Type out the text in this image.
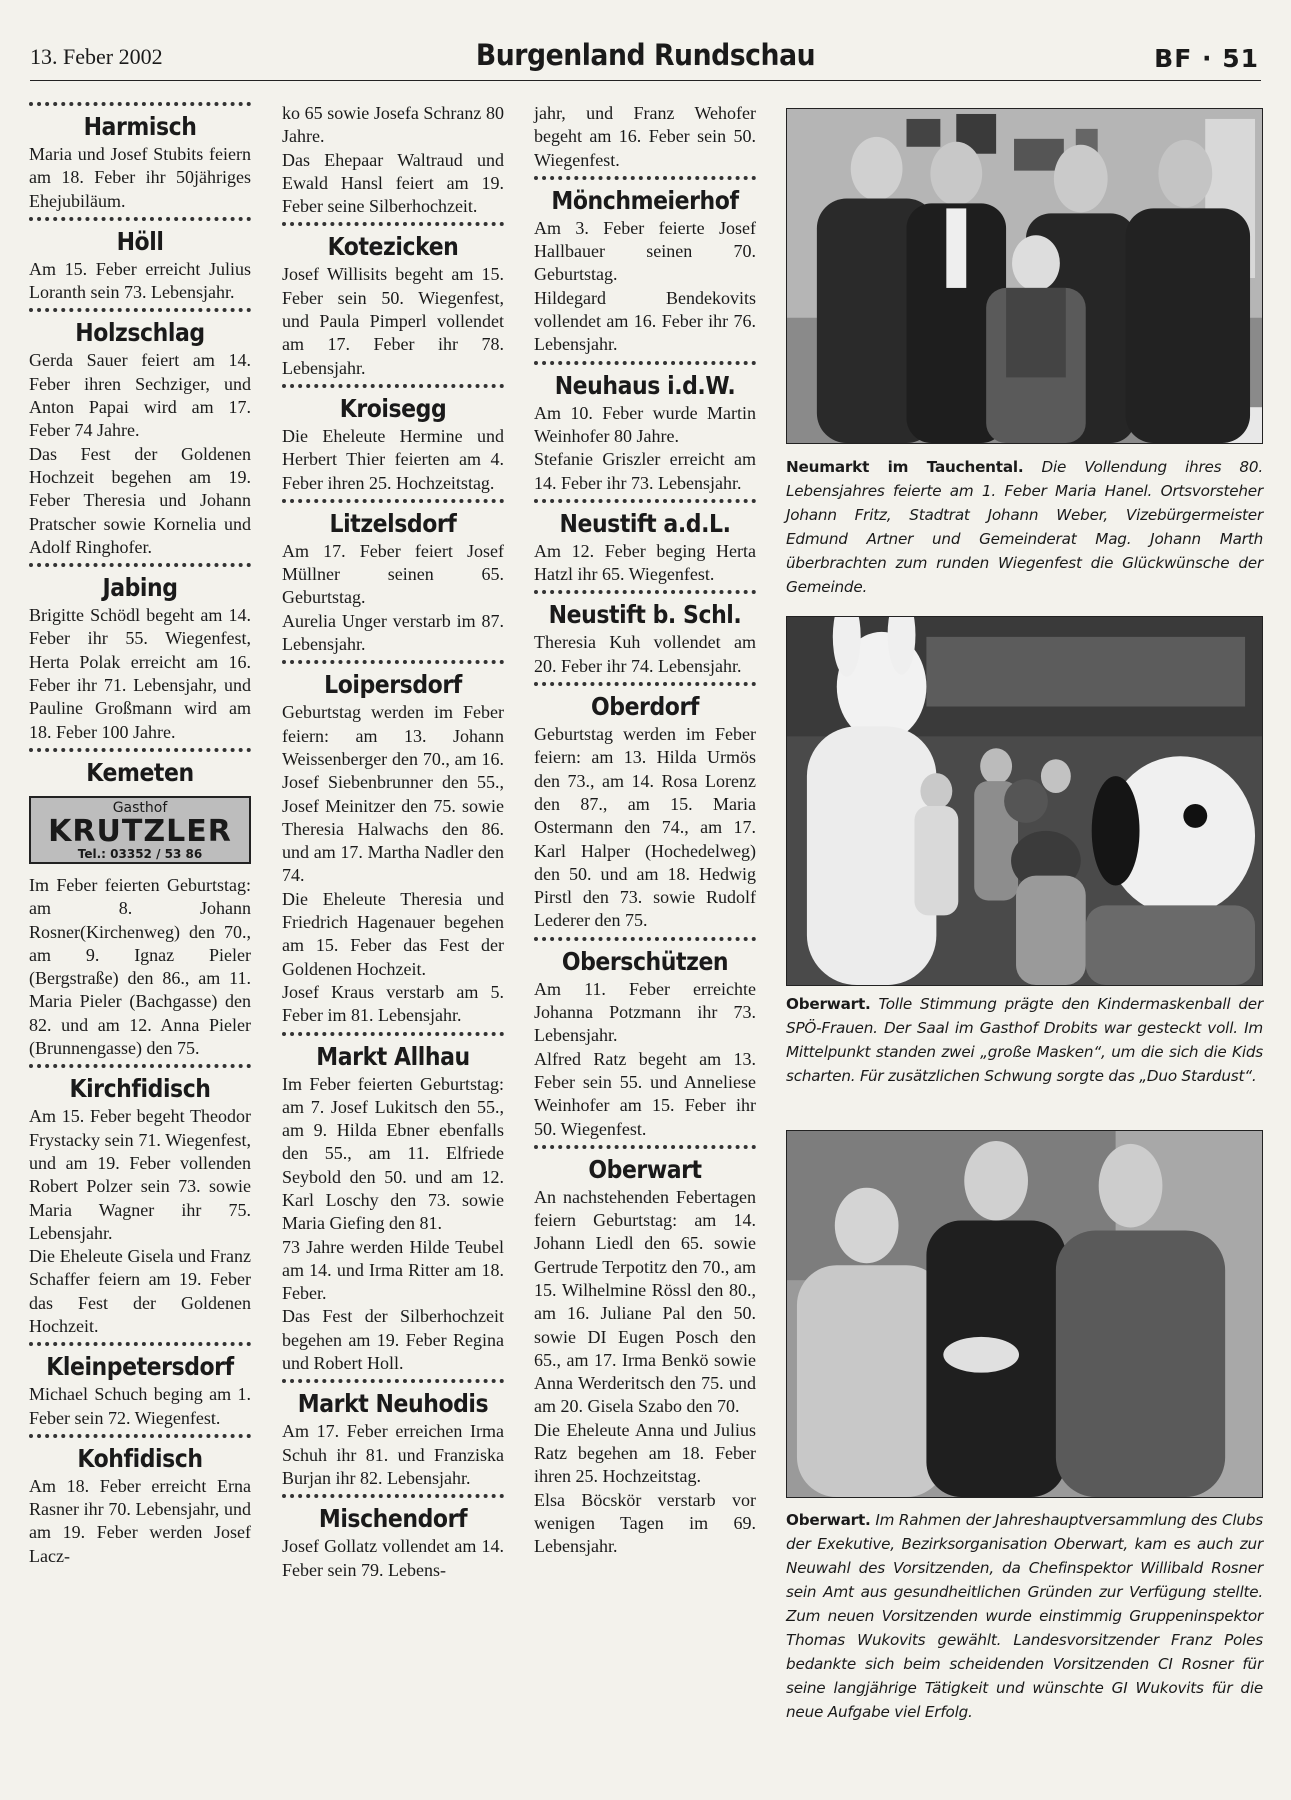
13. Feber 2002	Burgenland Rundschau	BF · 51
Harmisch

Maria und Josef Stubits feiern am 18. Feber ihr 50jähriges Ehejubiläum.

Höll

Am 15. Feber erreicht Julius Loranth sein 73. Lebensjahr.

Holzschlag

Gerda Sauer feiert am 14. Feber ihren Sechziger, und Anton Papai wird am 17. Feber 74 Jahre.

Das Fest der Goldenen Hochzeit begehen am 19. Feber Theresia und Johann Pratscher sowie Kornelia und Adolf Ringhofer.

Jabing

Brigitte Schödl begeht am 14. Feber ihr 55. Wiegenfest, Herta Polak erreicht am 16. Feber ihr 71. Lebensjahr, und Pauline Großmann wird am 18. Feber 100 Jahre.

Kemeten
Gasthof
KRUTZLER
Tel.: 03352 / 53 86

Im Feber feierten Geburtstag: am 8. Johann Rosner(Kirchenweg) den 70., am 9. Ignaz Pieler (Bergstraße) den 86., am 11. Maria Pieler (Bachgasse) den 82. und am 12. Anna Pieler (Brunnengasse) den 75.

Kirchfidisch

Am 15. Feber begeht Theodor Frystacky sein 71. Wiegenfest, und am 19. Feber vollenden Robert Polzer sein 73. sowie Maria Wagner ihr 75. Lebensjahr.

Die Eheleute Gisela und Franz Schaffer feiern am 19. Feber das Fest der Goldenen Hochzeit.

Kleinpetersdorf

Michael Schuch beging am 1. Feber sein 72. Wiegenfest.

Kohfidisch

Am 18. Feber erreicht Erna Rasner ihr 70. Lebensjahr, und am 19. Feber werden Josef Lacz-

ko 65 sowie Josefa Schranz 80 Jahre.

Das Ehepaar Waltraud und Ewald Hansl feiert am 19. Feber seine Silberhochzeit.

Kotezicken

Josef Willisits begeht am 15. Feber sein 50. Wiegenfest, und Paula Pimperl vollendet am 17. Feber ihr 78. Lebensjahr.

Kroisegg

Die Eheleute Hermine und Herbert Thier feierten am 4. Feber ihren 25. Hochzeitstag.

Litzelsdorf

Am 17. Feber feiert Josef Müllner seinen 65. Geburtstag.

Aurelia Unger verstarb im 87. Lebensjahr.

Loipersdorf

Geburtstag werden im Feber feiern: am 13. Johann Weissenberger den 70., am 16. Josef Siebenbrunner den 55., Josef Meinitzer den 75. sowie Theresia Halwachs den 86. und am 17. Martha Nadler den 74.

Die Eheleute Theresia und Friedrich Hagenauer begehen am 15. Feber das Fest der Goldenen Hochzeit.

Josef Kraus verstarb am 5. Feber im 81. Lebensjahr.

Markt Allhau

Im Feber feierten Geburtstag: am 7. Josef Lukitsch den 55., am 9. Hilda Ebner ebenfalls den 55., am 11. Elfriede Seybold den 50. und am 12. Karl Loschy den 73. sowie Maria Giefing den 81.

73 Jahre werden Hilde Teubel am 14. und Irma Ritter am 18. Feber.

Das Fest der Silberhochzeit begehen am 19. Feber Regina und Robert Holl.

Markt Neuhodis

Am 17. Feber erreichen Irma Schuh ihr 81. und Franziska Burjan ihr 82. Lebensjahr.

Mischendorf

Josef Gollatz vollendet am 14. Feber sein 79. Lebens-

jahr, und Franz Wehofer begeht am 16. Feber sein 50. Wiegenfest.

Mönchmeierhof

Am 3. Feber feierte Josef Hallbauer seinen 70. Geburtstag.

Hildegard Bendekovits vollendet am 16. Feber ihr 76. Lebensjahr.

Neuhaus i.d.W.

Am 10. Feber wurde Martin Weinhofer 80 Jahre.

Stefanie Griszler erreicht am 14. Feber ihr 73. Lebensjahr.

Neustift a.d.L.

Am 12. Feber beging Herta Hatzl ihr 65. Wiegenfest.

Neustift b. Schl.

Theresia Kuh vollendet am 20. Feber ihr 74. Lebensjahr.

Oberdorf

Geburtstag werden im Feber feiern: am 13. Hilda Urmös den 73., am 14. Rosa Lorenz den 87., am 15. Maria Ostermann den 74., am 17. Karl Halper (Hochedelweg) den 50. und am 18. Hedwig Pirstl den 73. sowie Rudolf Lederer den 75.

Oberschützen

Am 11. Feber erreichte Johanna Potzmann ihr 73. Lebensjahr.

Alfred Ratz begeht am 13. Feber sein 55. und Anneliese Weinhofer am 15. Feber ihr 50. Wiegenfest.

Oberwart

An nachstehenden Febertagen feiern Geburtstag: am 14. Johann Liedl den 65. sowie Gertrude Terpotitz den 70., am 15. Wilhelmine Rössl den 80., am 16. Juliane Pal den 50. sowie DI Eugen Posch den 65., am 17. Irma Benkö sowie Anna Werderitsch den 75. und am 20. Gisela Szabo den 70.

Die Eheleute Anna und Julius Ratz begehen am 18. Feber ihren 25. Hochzeitstag.

Elsa Böcskör verstarb vor wenigen Tagen im 69. Lebensjahr.

Neumarkt im Tauchental. Die Vollendung ihres 80. Lebensjahres feierte am 1. Feber Maria Hanel. Ortsvorsteher Johann Fritz, Stadtrat Johann Weber, Vizebürgermeister Edmund Artner und Gemeinderat Mag. Johann Marth überbrachten zum runden Wiegenfest die Glückwünsche der Gemeinde.

Oberwart. Tolle Stimmung prägte den Kindermaskenball der SPÖ-Frauen. Der Saal im Gasthof Drobits war gesteckt voll. Im Mittelpunkt standen zwei „große Masken“, um die sich die Kids scharten. Für zusätzlichen Schwung sorgte das „Duo Stardust“.

Oberwart. Im Rahmen der Jahreshauptversammlung des Clubs der Exekutive, Bezirksorganisation Oberwart, kam es auch zur Neuwahl des Vorsitzenden, da Chefinspektor Willibald Rosner sein Amt aus gesundheitlichen Gründen zur Verfügung stellte. Zum neuen Vorsitzenden wurde einstimmig Gruppeninspektor Thomas Wukovits gewählt. Landesvorsitzender Franz Poles bedankte sich beim scheidenden Vorsitzenden CI Rosner für seine langjährige Tätigkeit und wünschte GI Wukovits für die neue Aufgabe viel Erfolg.
